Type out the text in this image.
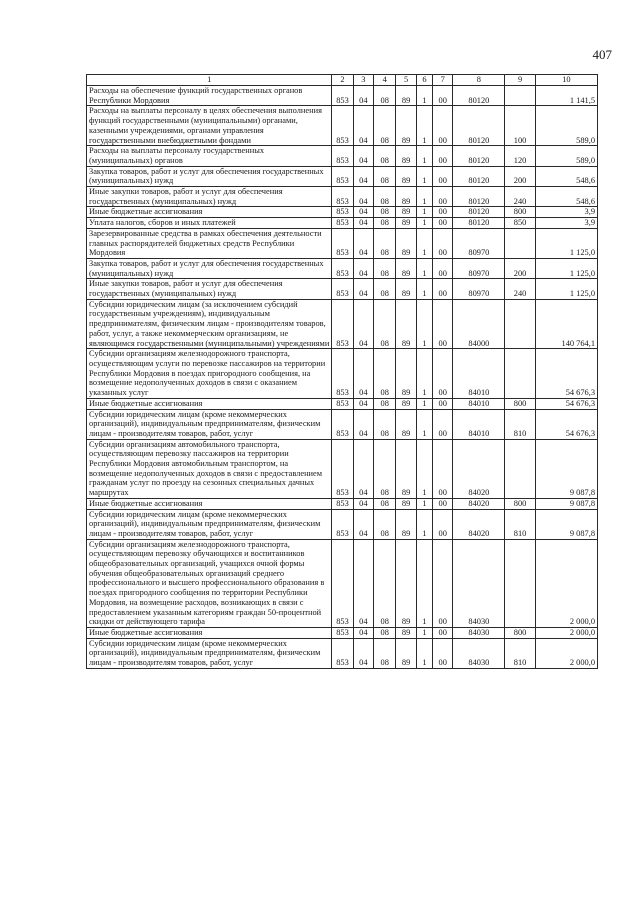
407
1	2	3	4	5	6	7	8	9	10
Расходы на обеспечение функций государственных органов Республики Мордовия	853	04	08	89	1	00	80120		1 141,5
Расходы на выплаты персоналу в целях обеспечения выполнения функций государственными (муниципальными) органами, казенными учреждениями, органами управления государственными внебюджетными фондами	853	04	08	89	1	00	80120	100	589,0
Расходы на выплаты персоналу государственных (муниципальных) органов	853	04	08	89	1	00	80120	120	589,0
Закупка товаров, работ и услуг для обеспечения государственных (муниципальных) нужд	853	04	08	89	1	00	80120	200	548,6
Иные закупки товаров, работ и услуг для обеспечения государственных (муниципальных) нужд	853	04	08	89	1	00	80120	240	548,6
Иные бюджетные ассигнования	853	04	08	89	1	00	80120	800	3,9
Уплата налогов, сборов и иных платежей	853	04	08	89	1	00	80120	850	3,9
Зарезервированные средства в рамках обеспечения деятельности главных распорядителей бюджетных средств Республики Мордовия	853	04	08	89	1	00	80970		1 125,0
Закупка товаров, работ и услуг для обеспечения государственных (муниципальных) нужд	853	04	08	89	1	00	80970	200	1 125,0
Иные закупки товаров, работ и услуг для обеспечения государственных (муниципальных) нужд	853	04	08	89	1	00	80970	240	1 125,0
Субсидии юридическим лицам (за исключением субсидий государственным учреждениям), индивидуальным предпринимателям, физическим лицам - производителям товаров, работ, услуг, а также некоммерческим организациям, не являющимся государственными (муниципальными) учреждениями	853	04	08	89	1	00	84000		140 764,1
Субсидии организациям железнодорожного транспорта, осуществляющим услуги по перевозке пассажиров на территории Республики Мордовия в поездах пригородного сообщения, на возмещение недополученных доходов в связи с оказанием указанных услуг	853	04	08	89	1	00	84010		54 676,3
Иные бюджетные ассигнования	853	04	08	89	1	00	84010	800	54 676,3
Субсидии юридическим лицам (кроме некоммерческих организаций), индивидуальным предпринимателям, физическим лицам - производителям товаров, работ, услуг	853	04	08	89	1	00	84010	810	54 676,3
Субсидии организациям автомобильного транспорта, осуществляющим перевозку пассажиров на территории Республики Мордовия автомобильным транспортом, на возмещение недополученных доходов в связи с предоставлением гражданам услуг по проезду на сезонных специальных дачных маршрутах	853	04	08	89	1	00	84020		9 087,8
Иные бюджетные ассигнования	853	04	08	89	1	00	84020	800	9 087,8
Субсидии юридическим лицам (кроме некоммерческих организаций), индивидуальным предпринимателям, физическим лицам - производителям товаров, работ, услуг	853	04	08	89	1	00	84020	810	9 087,8
Субсидии организациям железнодорожного транспорта, осуществляющим перевозку обучающихся и воспитанников общеобразовательных организаций, учащихся очной формы обучения общеобразовательных организаций среднего профессионального и высшего профессионального образования в поездах пригородного сообщения по территории Республики Мордовия, на возмещение расходов, возникающих в связи с предоставлением указанным категориям граждан 50-процентной скидки от действующего тарифа	853	04	08	89	1	00	84030		2 000,0
Иные бюджетные ассигнования	853	04	08	89	1	00	84030	800	2 000,0
Субсидии юридическим лицам (кроме некоммерческих организаций), индивидуальным предпринимателям, физическим лицам - производителям товаров, работ, услуг	853	04	08	89	1	00	84030	810	2 000,0
